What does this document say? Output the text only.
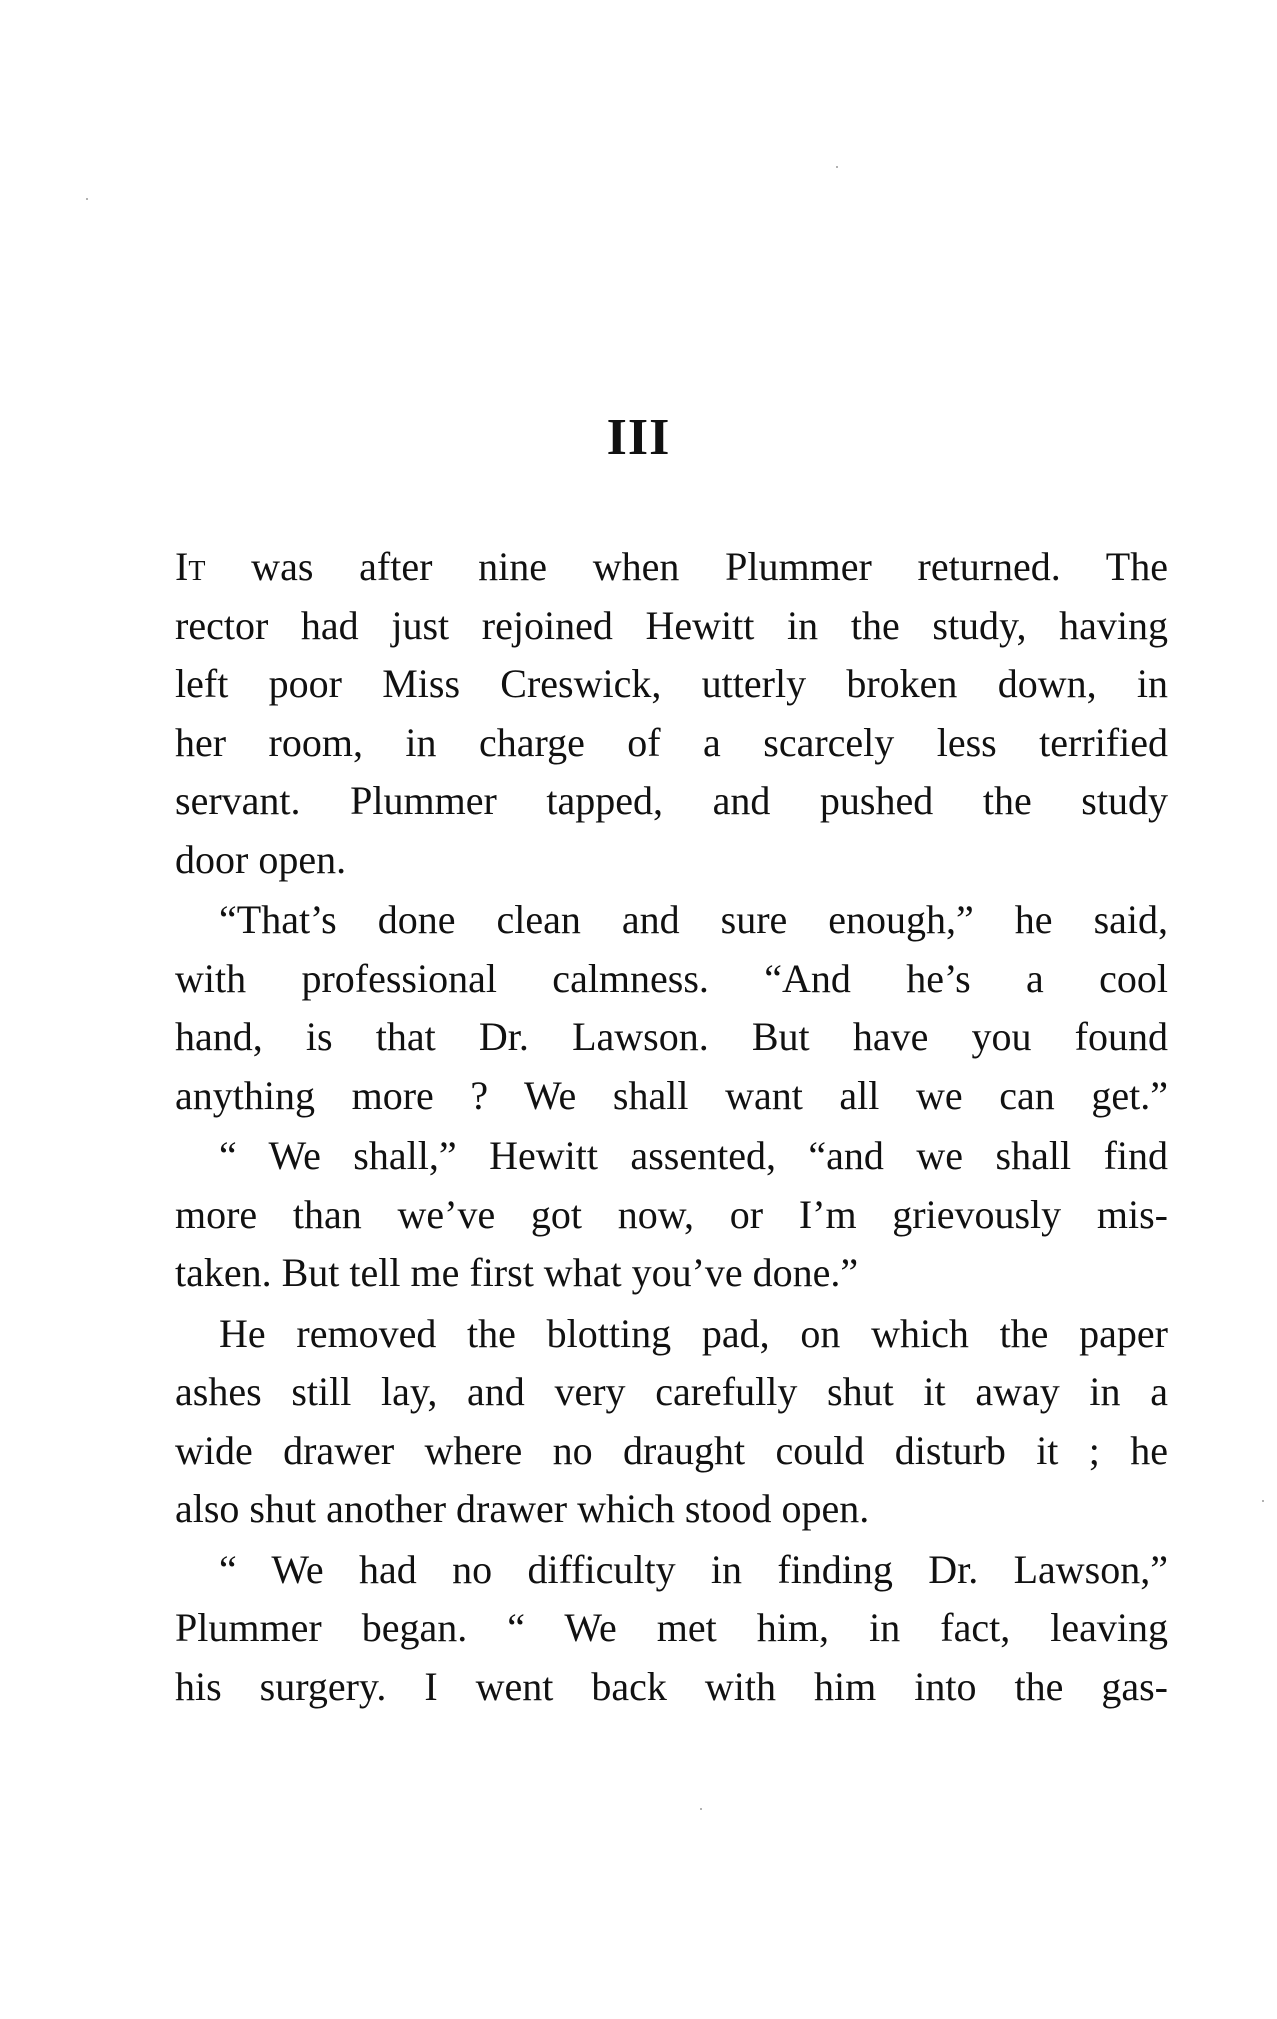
III
It was after nine when Plummer returned. The
rector had just rejoined Hewitt in the study, having
left poor Miss Creswick, utterly broken down, in
her room, in charge of a scarcely less terrified
servant. Plummer tapped, and pushed the study
door open.
“That’s done clean and sure enough,” he said,
with professional calmness. “And he’s a cool
hand, is that Dr. Lawson. But have you found
anything more ? We shall want all we can get.”
“ We shall,” Hewitt assented, “and we shall find
more than we’ve got now, or I’m grievously mis-
taken. But tell me first what you’ve done.”
He removed the blotting pad, on which the paper
ashes still lay, and very carefully shut it away in a
wide drawer where no draught could disturb it ; he
also shut another drawer which stood open.
“ We had no difficulty in finding Dr. Lawson,”
Plummer began. “ We met him, in fact, leaving
his surgery. I went back with him into the gas-
